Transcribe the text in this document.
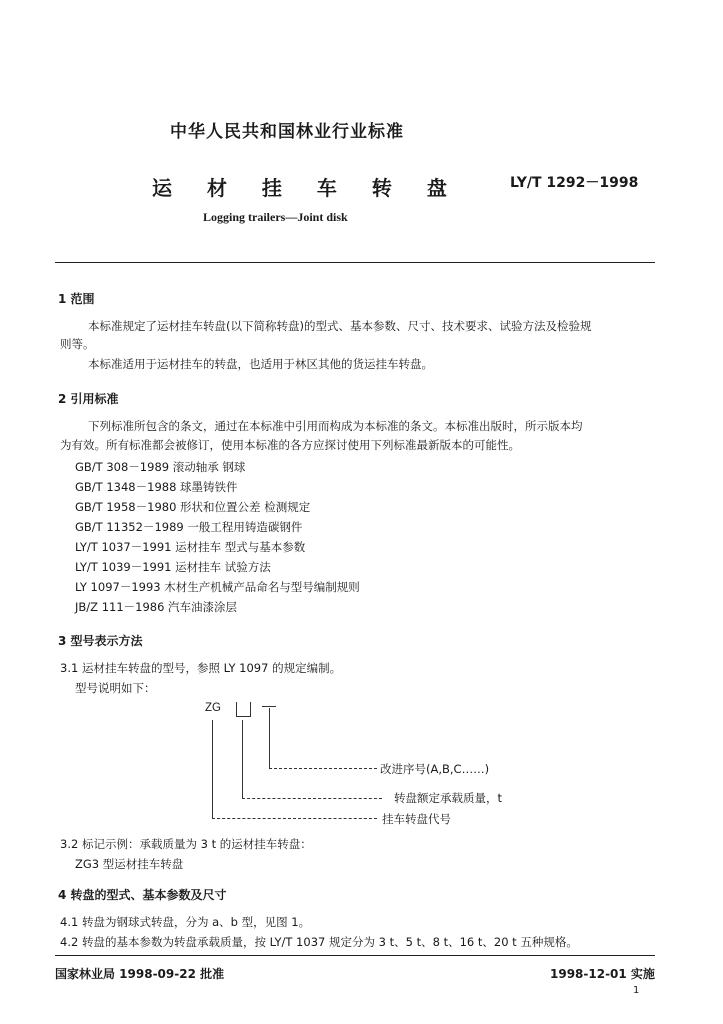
中华人民共和国林业行业标准
运 材 挂 车 转 盘	LY/T 1292－1998
Logging trailers—Joint disk
1 范围
本标准规定了运材挂车转盘(以下简称转盘)的型式、基本参数、尺寸、技术要求、试验方法及检验规
则等。
本标准适用于运材挂车的转盘，也适用于林区其他的货运挂车转盘。
2 引用标准
下列标准所包含的条文，通过在本标准中引用而构成为本标准的条文。本标准出版时，所示版本均
为有效。所有标准都会被修订，使用本标准的各方应探讨使用下列标准最新版本的可能性。
GB/T 308－1989 滚动轴承 钢球
GB/T 1348－1988 球墨铸铁件
GB/T 1958－1980 形状和位置公差 检测规定
GB/T 11352－1989 一般工程用铸造碳钢件
LY/T 1037－1991 运材挂车 型式与基本参数
LY/T 1039－1991 运材挂车 试验方法
LY 1097－1993 木材生产机械产品命名与型号编制规则
JB/Z 111－1986 汽车油漆涂层
3 型号表示方法
3.1 运材挂车转盘的型号，参照 LY 1097 的规定编制。
型号说明如下：
ZG
改进序号(A,B,C……)
转盘额定承载质量，t
挂车转盘代号
3.2 标记示例：承载质量为 3 t 的运材挂车转盘：
ZG3 型运材挂车转盘
4 转盘的型式、基本参数及尺寸
4.1 转盘为钢球式转盘，分为 a、b 型，见图 1。
4.2 转盘的基本参数为转盘承载质量，按 LY/T 1037 规定分为 3 t、5 t、8 t、16 t、20 t 五种规格。
国家林业局 1998-09-22 批准	1998-12-01 实施
1
